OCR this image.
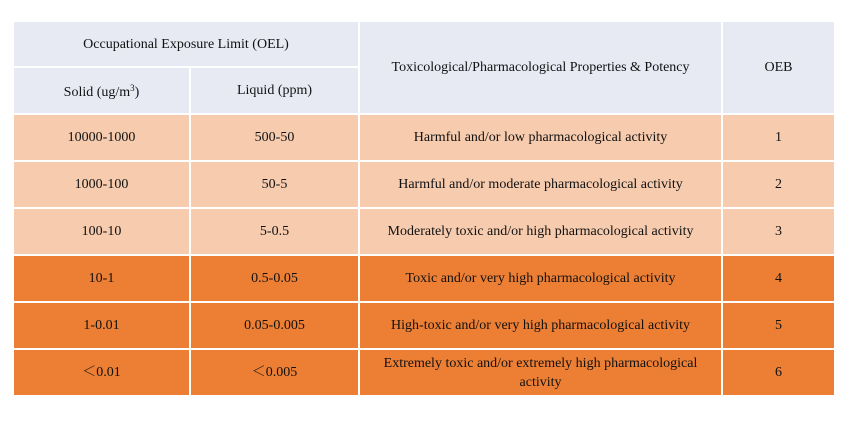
Occupational Exposure Limit (OEL)		Toxicological/Pharmacological Properties & Potency	OEB
Solid $(ug/m^3)$	Liquid (ppm)		
10000-1000	500-50	Harmful and/or low pharmacological activity	1
1000-100	50-5	Harmful and/or moderate pharmacological activity	2
100-10	5-0.5	Moderately toxic and/or high pharmacological activity	3
10-1	0.5-0.05	Toxic and/or very high pharmacological activity	4
1-0.01	0.05-0.005	High-toxic and/or very high pharmacological activity	5
＜0.01	＜0.005	Extremely toxic and/or extremely high pharmacological activity	6
